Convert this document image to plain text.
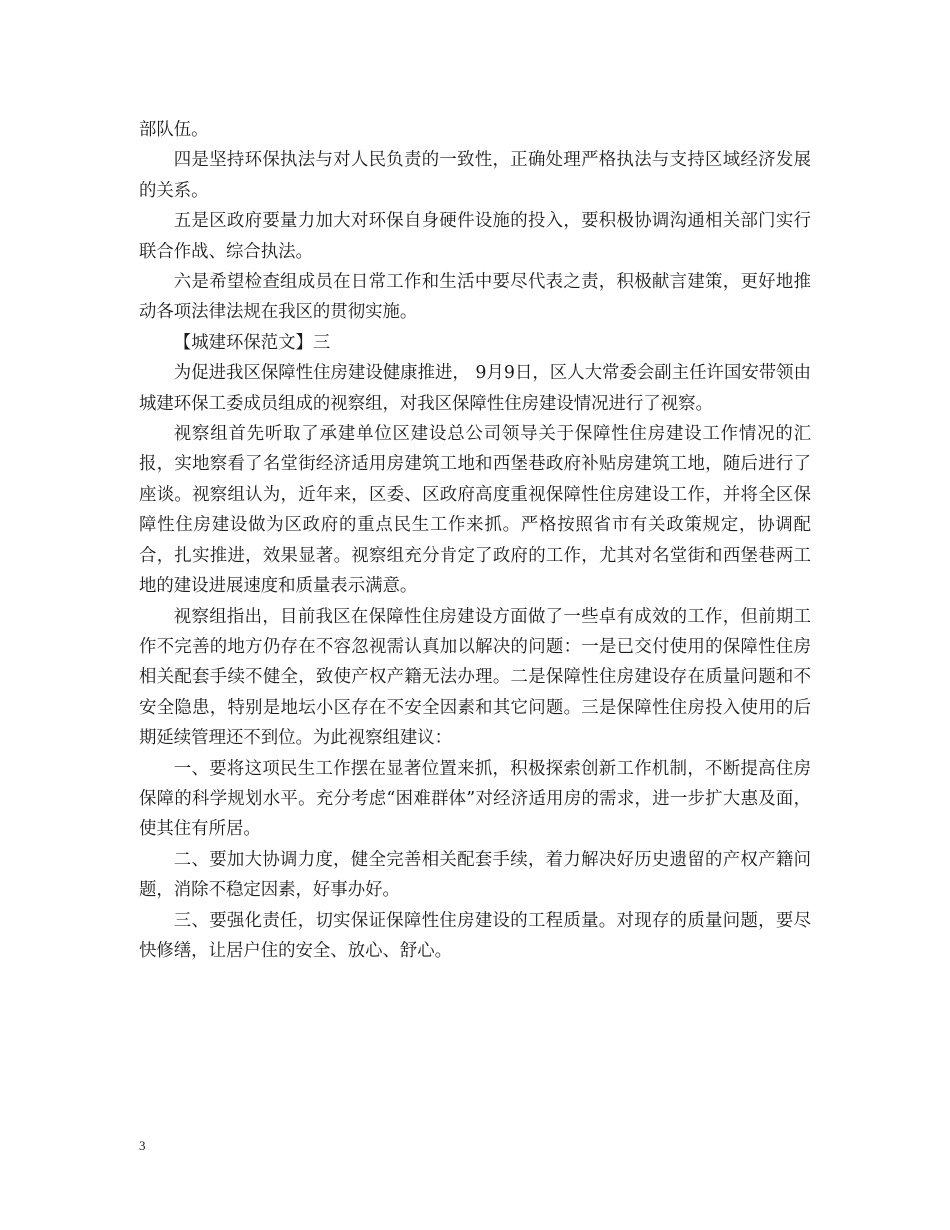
部队伍。

四是坚持环保执法与对人民负责的一致性，正确处理严格执法与支持区域经济发展的关系。

五是区政府要量力加大对环保自身硬件设施的投入，要积极协调沟通相关部门实行联合作战、综合执法。

六是希望检查组成员在日常工作和生活中要尽代表之责，积极献言建策，更好地推动各项法律法规在我区的贯彻实施。

【城建环保范文】三

为促进我区保障性住房建设健康推进， 9月9日，区人大常委会副主任许国安带领由城建环保工委成员组成的视察组，对我区保障性住房建设情况进行了视察。

视察组首先听取了承建单位区建设总公司领导关于保障性住房建设工作情况的汇报，实地察看了名堂街经济适用房建筑工地和西堡巷政府补贴房建筑工地，随后进行了座谈。视察组认为，近年来，区委、区政府高度重视保障性住房建设工作，并将全区保障性住房建设做为区政府的重点民生工作来抓。严格按照省市有关政策规定，协调配合，扎实推进，效果显著。视察组充分肯定了政府的工作，尤其对名堂街和西堡巷两工地的建设进展速度和质量表示满意。

视察组指出，目前我区在保障性住房建设方面做了一些卓有成效的工作，但前期工作不完善的地方仍存在不容忽视需认真加以解决的问题：一是已交付使用的保障性住房相关配套手续不健全，致使产权产籍无法办理。二是保障性住房建设存在质量问题和不安全隐患，特别是地坛小区存在不安全因素和其它问题。三是保障性住房投入使用的后期延续管理还不到位。为此视察组建议：

一、要将这项民生工作摆在显著位置来抓，积极探索创新工作机制，不断提高住房保障的科学规划水平。充分考虑“困难群体”对经济适用房的需求，进一步扩大惠及面，使其住有所居。

二、要加大协调力度，健全完善相关配套手续，着力解决好历史遗留的产权产籍问题，消除不稳定因素，好事办好。

三、要强化责任，切实保证保障性住房建设的工程质量。对现存的质量问题，要尽快修缮，让居户住的安全、放心、舒心。

3
